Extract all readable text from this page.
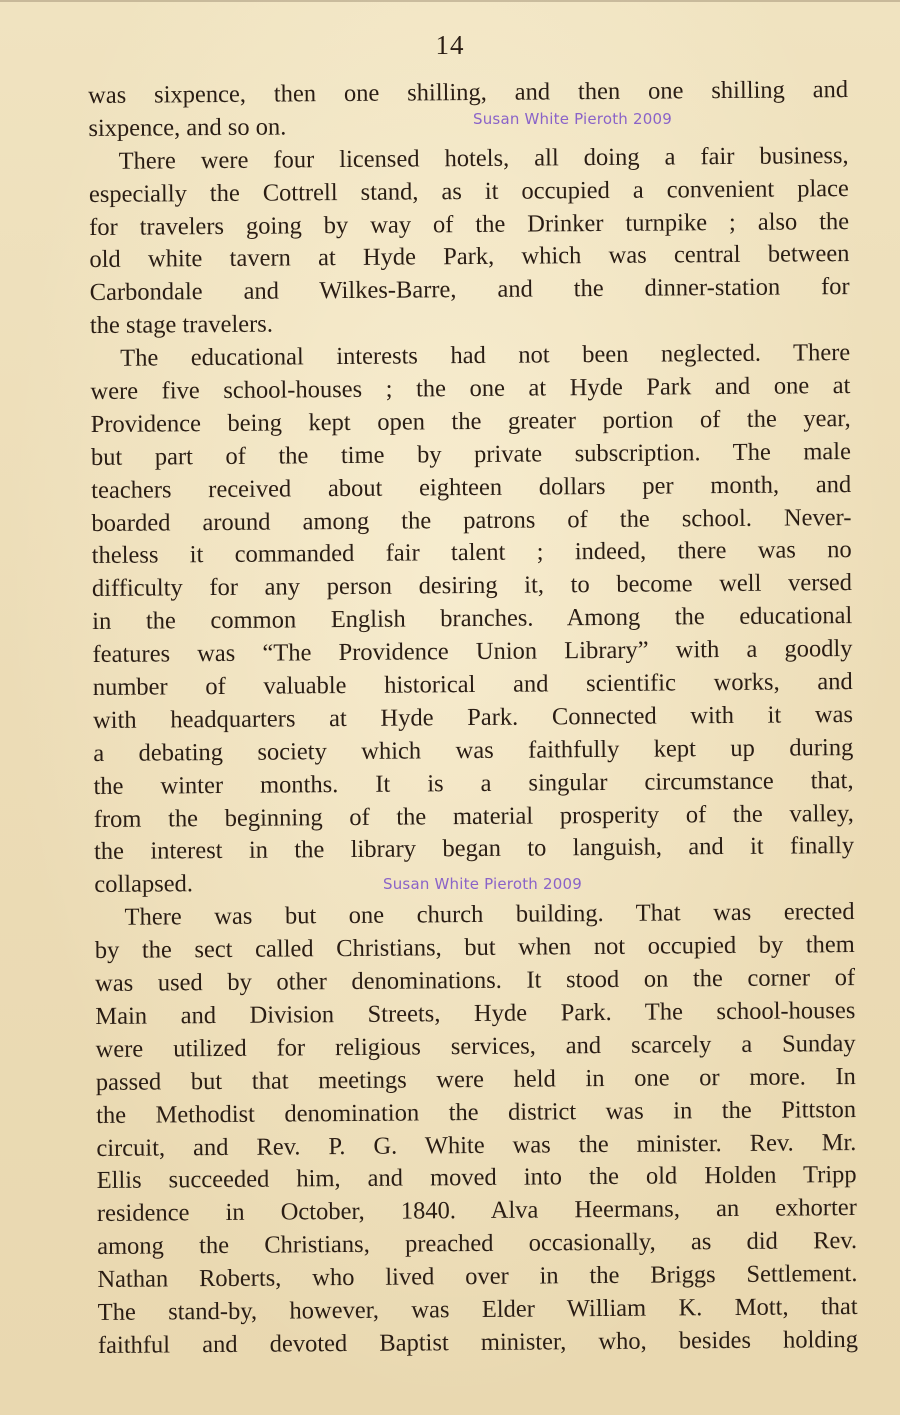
14
was sixpence, then one shilling, and then one shilling and
sixpence, and so on.
There were four licensed hotels, all doing a fair business,
especially the Cottrell stand, as it occupied a convenient place
for travelers going by way of the Drinker turnpike ; also the
old white tavern at Hyde Park, which was central between
Carbondale and Wilkes-Barre, and the dinner-station for
the stage travelers.
The educational interests had not been neglected. There
were five school-houses ; the one at Hyde Park and one at
Providence being kept open the greater portion of the year,
but part of the time by private subscription. The male
teachers received about eighteen dollars per month, and
boarded around among the patrons of the school. Never-
theless it commanded fair talent ; indeed, there was no
difficulty for any person desiring it, to become well versed
in the common English branches. Among the educational
features was “The Providence Union Library” with a goodly
number of valuable historical and scientific works, and
with headquarters at Hyde Park. Connected with it was
a debating society which was faithfully kept up during
the winter months. It is a singular circumstance that,
from the beginning of the material prosperity of the valley,
the interest in the library began to languish, and it finally
collapsed.
There was but one church building. That was erected
by the sect called Christians, but when not occupied by them
was used by other denominations. It stood on the corner of
Main and Division Streets, Hyde Park. The school-houses
were utilized for religious services, and scarcely a Sunday
passed but that meetings were held in one or more. In
the Methodist denomination the district was in the Pittston
circuit, and Rev. P. G. White was the minister. Rev. Mr.
Ellis succeeded him, and moved into the old Holden Tripp
residence in October, 1840. Alva Heermans, an exhorter
among the Christians, preached occasionally, as did Rev.
Nathan Roberts, who lived over in the Briggs Settlement.
The stand-by, however, was Elder William K. Mott, that
faithful and devoted Baptist minister, who, besides holding
Susan White Pieroth 2009
Susan White Pieroth 2009
